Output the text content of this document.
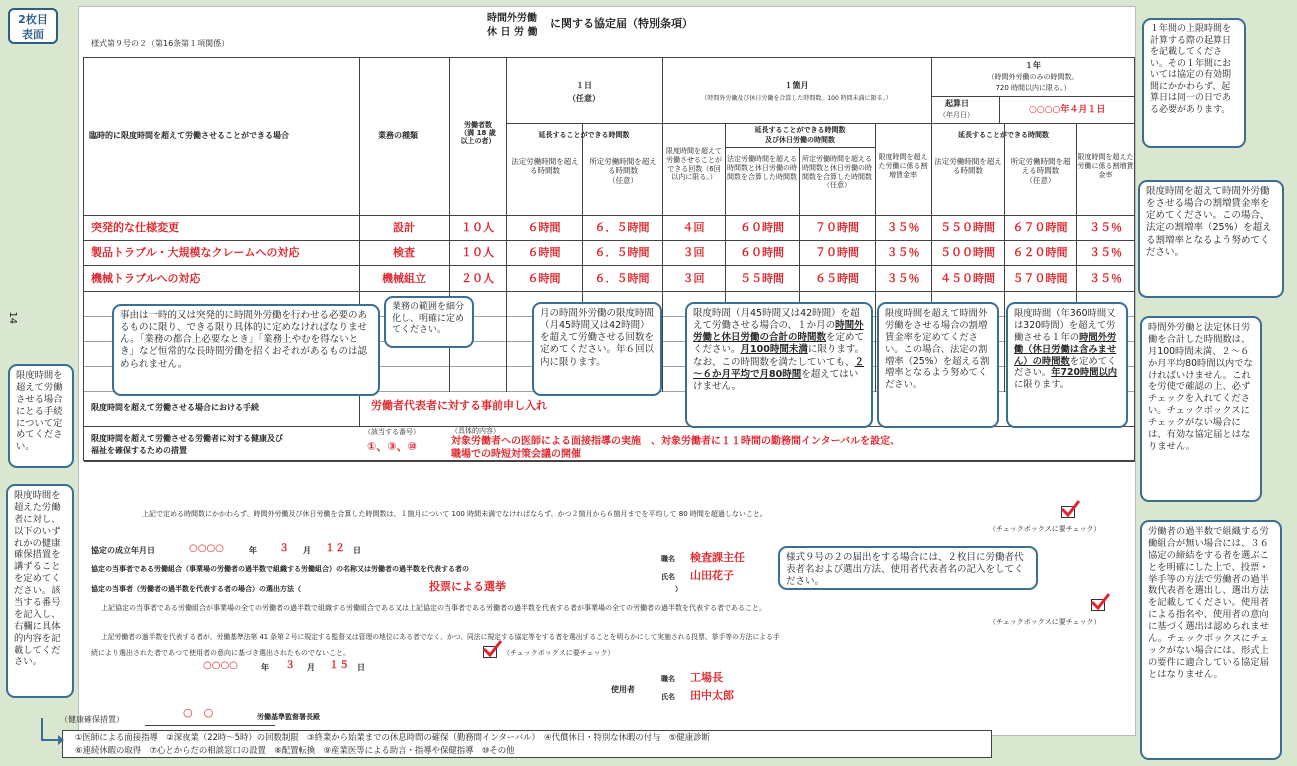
2枚目
表面
14
時間外労働
休 日 労 働
に関する協定届（特別条項）
様式第９号の２（第16条第１項関係）
臨時的に限度時間を超えて労働させることができる場合	業務の種類
労働者数
（満 18 歳
以上の者）
１日
（任意）
延長することができる時間数
法定労働時間を超える時間数
所定労働時間を超える時間数
（任意）
１箇月
（時間外労働及び休日労働を合算した時間数。100 時間未満に限る。）
限度時間を超えて労働させることができる回数（6回以内に限る。）
延長することができる時間数
及び休日労働の時間数
法定労働時間を超える時間数と休日労働の時間数を合算した時間数
所定労働時間を超える時間数と休日労働の時間数を合算した時間数
（任意）
限度時間を超えた労働に係る割増賃金率
１年
（時間外労働のみの時間数。
720 時間以内に限る。）
起算日
（年月日）	○○○○年４月１日
延長することができる時間数
法定労働時間を超える時間数
所定労働時間を超える時間数
（任意）
限度時間を超えた労働に係る割増賃金率
突発的な仕様変更	設計	１０人	６時間	６．５時間	４回	６０時間	７０時間	３５％	５５０時間	６７０時間	３５％
製品トラブル・大規模なクレームへの対応	検査	１０人	６時間	６．５時間	３回	６０時間	７０時間	３５％	５００時間	６２０時間	３５％
機械トラブルへの対応	機械組立	２０人	６時間	６．５時間	３回	５５時間	６５時間	３５％	４５０時間	５７０時間	３５％
限度時間を超えて労働させる場合における手続	労働者代表者に対する事前申し入れ
限度時間を超えて労働させる労働者に対する健康及び
福祉を確保するための措置
（該当する番号）
①、③、⑩
（具体的内容）
対象労働者への医師による面接指導の実施　、対象労働者に１１時間の勤務間インターバルを設定、
職場での時短対策会議の開催
上記で定める時間数にかかわらず、時間外労働及び休日労働を合算した時間数は、１箇月について 100 時間未満でなければならず、かつ２箇月から６箇月までを平均して 80 時間を超過しないこと。
（チェックボックスに要チェック）
協定の成立年月日	○○○○	年 ３ 月 １２ 日
協定の当事者である労働組合（事業場の労働者の過半数で組織する労働組合）の名称又は労働者の過半数を代表する者の
職名 検査課主任
氏名 山田花子
協定の当事者（労働者の過半数を代表する者の場合）の選出方法（	投票による選挙	）
上記協定の当事者である労働組合が事業場の全ての労働者の過半数で組織する労働組合である又は上記協定の当事者である労働者の過半数を代表する者が事業場の全ての労働者の過半数を代表する者であること。
（チェックボックスに要チェック）
上記労働者の過半数を代表する者が、労働基準法第 41 条第２号に規定する監督又は管理の地位にある者でなく、かつ、同法に規定する協定等をする者を選出することを明らかにして実施される投票、挙手等の方法による手
続により選出された者であつて使用者の意向に基づき選出されたものでないこと。	（チェックボックスに要チェック）
○○○○	年 ３ 月 １５ 日
使用者
職名 工場長
氏名 田中太郎
○　○	労働基準監督署長殿
（健康確保措置）
①医師による面接指導　②深夜業（22時～5時）の回数制限　③終業から始業までの休息時間の確保（勤務間インターバル）　④代償休日・特別な休暇の付与　⑤健康診断
⑥連続休暇の取得　⑦心とからだの相談窓口の設置　⑧配置転換　⑨産業医等による助言・指導や保健指導　⑩その他
１年間の上限時間を計算する際の起算日を記載してください。その１年間においては協定の有効期間にかかわらず、起算日は同一の日である必要があります。
限度時間を超えて時間外労働をさせる場合の割増賃金率を定めてください。この場合、法定の割増率（25%）を超える割増率となるよう努めてください。
時間外労働と法定休日労働を合計した時間数は、月100時間未満、２～６か月平均80時間以内でなければいけません。これを労使で確認の上、必ずチェックを入れてください。チェックボックスにチェックがない場合には、有効な協定届とはなりません。
労働者の過半数で組織する労働組合が無い場合には、３６協定の締結をする者を選ぶことを明確にした上で、投票・挙手等の方法で労働者の過半数代表者を選出し、選出方法を記載してください。使用者による指名や、使用者の意向に基づく選出は認められません。チェックボックスにチェックがない場合には、形式上の要件に適合している協定届とはなりません。
事由は一時的又は突発的に時間外労働を行わせる必要のあるものに限り、できる限り具体的に定めなければなりません。「業務の都合上必要なとき」「業務上やむを得ないとき」など恒常的な長時間労働を招くおそれがあるものは認められません。
業務の範囲を細分化し、明確に定めてください。
月の時間外労働の限度時間（月45時間又は42時間）を超えて労働させる回数を定めてください。年６回以内に限ります。
限度時間（月45時間又は42時間）を超えて労働させる場合の、１か月の時間外労働と休日労働の合計の時間数を定めてください。月100時間未満に限ります。なお、この時間数を満たしていても、２～６か月平均で月80時間を超えてはいけません。
限度時間を超えて時間外労働をさせる場合の割増賃金率を定めてください。この場合、法定の割増率（25%）を超える割増率となるよう努めてください。
限度時間（年360時間又は320時間）を超えて労働させる１年の時間外労働（休日労働は含みません）の時間数を定めてください。年720時間以内に限ります。
限度時間を超えて労働させる場合にとる手続について定めてください。
限度時間を超えた労働者に対し、以下のいずれかの健康確保措置を講ずることを定めてください。該当する番号を記入し、右欄に具体的内容を記載してください。
様式９号の２の届出をする場合には、２枚目に労働者代表者名および選出方法、使用者代表者名の記入をしてください。
